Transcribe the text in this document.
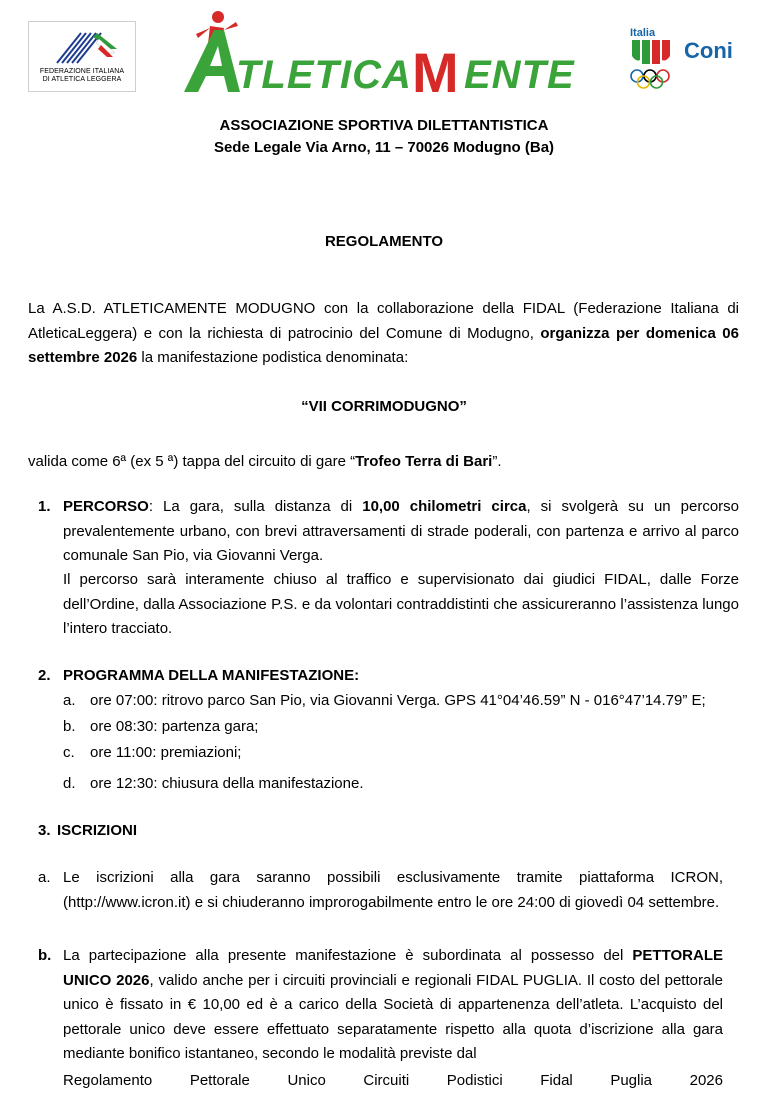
FEDERAZIONE ITALIANA
DI ATLETICA LEGGERA	TLETICA M ENTE
Italia
Coni
ASSOCIAZIONE SPORTIVA DILETTANTISTICA
Sede Legale Via Arno, 11 – 70026 Modugno (Ba)
REGOLAMENTO
La A.S.D. ATLETICAMENTE MODUGNO con la collaborazione della FIDAL (Federazione Italiana di AtleticaLeggera) e con la richiesta di patrocinio del Comune di Modugno, organizza per domenica 06 settembre 2026 la manifestazione podistica denominata:
“VII CORRIMODUGNO”
valida come 6ª (ex 5 ª) tappa del circuito di gare “Trofeo Terra di Bari”.
1. PERCORSO: La gara, sulla distanza di 10,00 chilometri circa, si svolgerà su un percorso prevalentemente urbano, con brevi attraversamenti di strade poderali, con partenza e arrivo al parco comunale San Pio, via Giovanni Verga.
Il percorso sarà interamente chiuso al traffico e supervisionato dai giudici FIDAL, dalle Forze dell’Ordine, dalla Associazione P.S. e da volontari contraddistinti che assicureranno l’assistenza lungo l’intero tracciato.
2. PROGRAMMA DELLA MANIFESTAZIONE:
a. ore 07:00: ritrovo parco San Pio, via Giovanni Verga. GPS 41°04’46.59” N - 016°47’14.79” E;
b. ore 08:30: partenza gara;
c. ore 11:00: premiazioni;
d. ore 12:30: chiusura della manifestazione.
3. ISCRIZIONI
a. Le iscrizioni alla gara saranno possibili esclusivamente tramite piattaforma ICRON, (http://www.icron.it) e si chiuderanno improrogabilmente entro le ore 24:00 di giovedì 04 settembre.
b. La partecipazione alla presente manifestazione è subordinata al possesso del PETTORALE UNICO 2026, valido anche per i circuiti provinciali e regionali FIDAL PUGLIA. Il costo del pettorale unico è fissato in € 10,00 ed è a carico della Società di appartenenza dell’atleta. L’acquisto del pettorale unico deve essere effettuato separatamente rispetto alla quota d’iscrizione alla gara mediante bonifico istantaneo, secondo le modalità previste dal
Regolamento	Pettorale	Unico	Circuiti	Podistici	Fidal	Puglia	2026
